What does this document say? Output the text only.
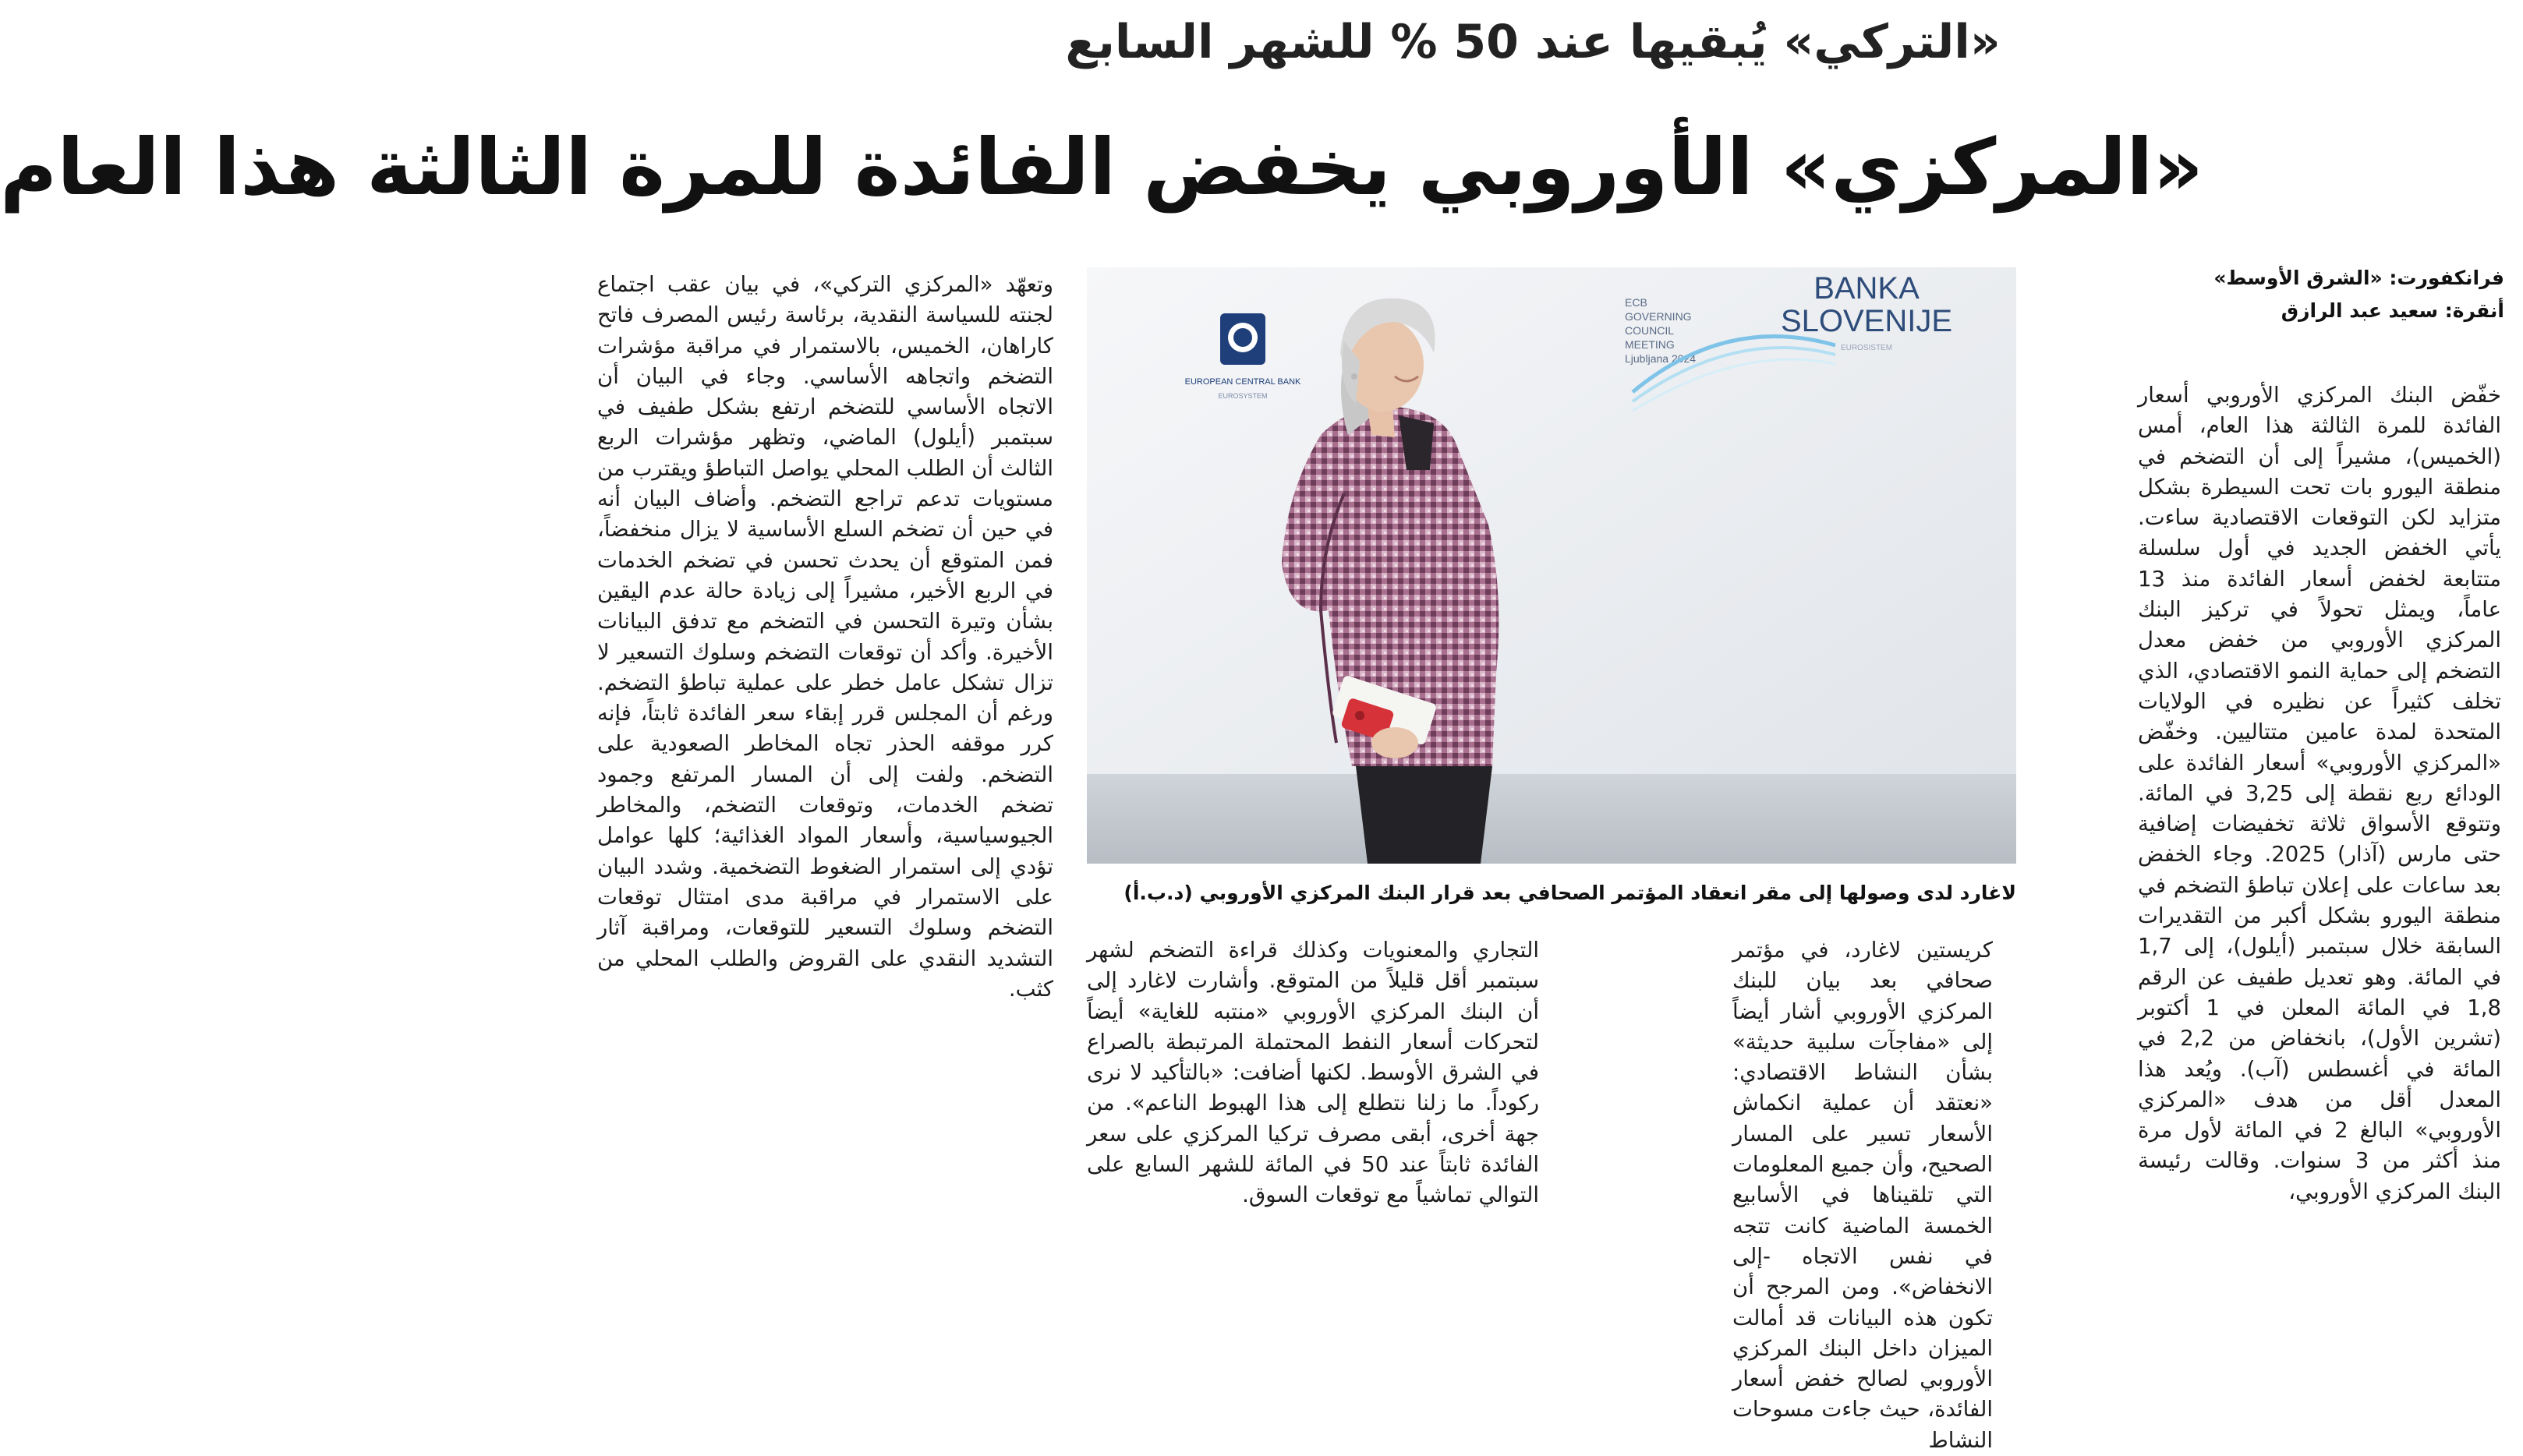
«التركي» يُبقيها عند 50 % للشهر السابع
«المركزي» الأوروبي يخفض الفائدة للمرة الثالثة هذا العام
فرانكفورت: «الشرق الأوسط»
أنقرة: سعيد عبد الرازق

خفّض البنك المركزي الأوروبي أسعار الفائدة للمرة الثالثة هذا العام، أمس (الخميس)، مشيراً إلى أن التضخم في منطقة اليورو بات تحت السيطرة بشكل متزايد لكن التوقعات الاقتصادية ساءت. يأتي الخفض الجديد في أول سلسلة متتابعة لخفض أسعار الفائدة منذ 13 عاماً، ويمثل تحولاً في تركيز البنك المركزي الأوروبي من خفض معدل التضخم إلى حماية النمو الاقتصادي، الذي تخلف كثيراً عن نظيره في الولايات المتحدة لمدة عامين متتاليين. وخفّض «المركزي الأوروبي» أسعار الفائدة على الودائع ربع نقطة إلى 3,25 في المائة. وتتوقع الأسواق ثلاثة تخفيضات إضافية حتى مارس (آذار) 2025. وجاء الخفض بعد ساعات على إعلان تباطؤ التضخم في منطقة اليورو بشكل أكبر من التقديرات السابقة خلال سبتمبر (أيلول)، إلى 1,7 في المائة. وهو تعديل طفيف عن الرقم 1,8 في المائة المعلن في 1 أكتوبر (تشرين الأول)، بانخفاض من 2,2 في المائة في أغسطس (آب). ويُعد هذا المعدل أقل من هدف «المركزي الأوروبي» البالغ 2 في المائة لأول مرة منذ أكثر من 3 سنوات. وقالت رئيسة البنك المركزي الأوروبي،

كريستين لاغارد، في مؤتمر صحافي بعد بيان للبنك المركزي الأوروبي أشار أيضاً إلى «مفاجآت سلبية حديثة» بشأن النشاط الاقتصادي: «نعتقد أن عملية انكماش الأسعار تسير على المسار الصحيح، وأن جميع المعلومات التي تلقيناها في الأسابيع الخمسة الماضية كانت تتجه في نفس الاتجاه -إلى الانخفاض». ومن المرجح أن تكون هذه البيانات قد أمالت الميزان داخل البنك المركزي الأوروبي لصالح خفض أسعار الفائدة، حيث جاءت مسوحات النشاط

التجاري والمعنويات وكذلك قراءة التضخم لشهر سبتمبر أقل قليلاً من المتوقع. وأشارت لاغارد إلى أن البنك المركزي الأوروبي «منتبه للغاية» أيضاً لتحركات أسعار النفط المحتملة المرتبطة بالصراع في الشرق الأوسط. لكنها أضافت: «بالتأكيد لا نرى ركوداً. ما زلنا نتطلع إلى هذا الهبوط الناعم». من جهة أخرى، أبقى مصرف تركيا المركزي على سعر الفائدة ثابتاً عند 50 في المائة للشهر السابع على التوالي تماشياً مع توقعات السوق.

وتعهّد «المركزي التركي»، في بيان عقب اجتماع لجنته للسياسة النقدية، برئاسة رئيس المصرف فاتح كاراهان، الخميس، بالاستمرار في مراقبة مؤشرات التضخم واتجاهه الأساسي. وجاء في البيان أن الاتجاه الأساسي للتضخم ارتفع بشكل طفيف في سبتمبر (أيلول) الماضي، وتظهر مؤشرات الربع الثالث أن الطلب المحلي يواصل التباطؤ ويقترب من مستويات تدعم تراجع التضخم. وأضاف البيان أنه في حين أن تضخم السلع الأساسية لا يزال منخفضاً، فمن المتوقع أن يحدث تحسن في تضخم الخدمات في الربع الأخير، مشيراً إلى زيادة حالة عدم اليقين بشأن وتيرة التحسن في التضخم مع تدفق البيانات الأخيرة. وأكد أن توقعات التضخم وسلوك التسعير لا تزال تشكل عامل خطر على عملية تباطؤ التضخم. ورغم أن المجلس قرر إبقاء سعر الفائدة ثابتاً، فإنه كرر موقفه الحذر تجاه المخاطر الصعودية على التضخم. ولفت إلى أن المسار المرتفع وجمود تضخم الخدمات، وتوقعات التضخم، والمخاطر الجيوسياسية، وأسعار المواد الغذائية؛ كلها عوامل تؤدي إلى استمرار الضغوط التضخمية. وشدد البيان على الاستمرار في مراقبة مدى امتثال توقعات التضخم وسلوك التسعير للتوقعات، ومراقبة آثار التشديد النقدي على القروض والطلب المحلي من كثب.

EUROPEAN CENTRAL BANK
EUROSYSTEM
ECB
GOVERNING
COUNCIL
MEETING
Ljubljana 2024
BANKA
SLOVENIJE
EUROSISTEM
لاغارد لدى وصولها إلى مقر انعقاد المؤتمر الصحافي بعد قرار البنك المركزي الأوروبي (د.ب.أ)
